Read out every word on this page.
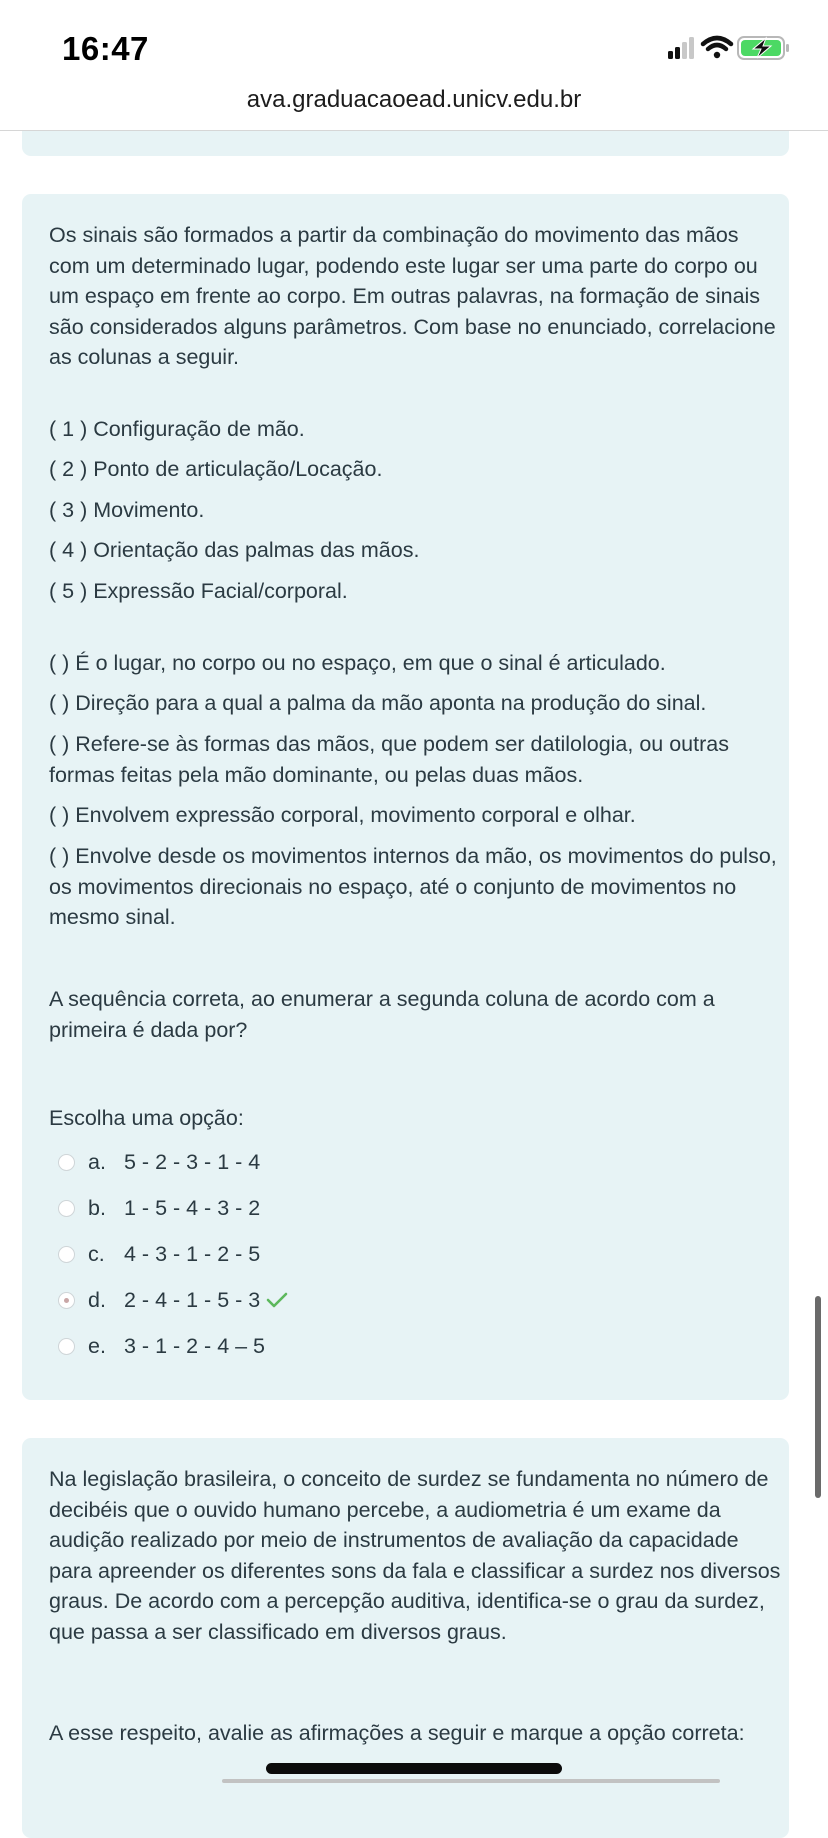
16:47
ava.graduacaoead.unicv.edu.br

Os sinais são formados a partir da combinação do movimento das mãos com um determinado lugar, podendo este lugar ser uma parte do corpo ou um espaço em frente ao corpo. Em outras palavras, na formação de sinais são considerados alguns parâmetros. Com base no enunciado, correlacione as colunas a seguir.

( 1 ) Configuração de mão.
( 2 ) Ponto de articulação/Locação.
( 3 ) Movimento.
( 4 ) Orientação das palmas das mãos.
( 5 ) Expressão Facial/corporal.
( ) É o lugar, no corpo ou no espaço, em que o sinal é articulado.
( ) Direção para a qual a palma da mão aponta na produção do sinal.
( ) Refere-se às formas das mãos, que podem ser datilologia, ou outras formas feitas pela mão dominante, ou pelas duas mãos.
( ) Envolvem expressão corporal, movimento corporal e olhar.
( ) Envolve desde os movimentos internos da mão, os movimentos do pulso, os movimentos direcionais no espaço, até o conjunto de movimentos no mesmo sinal.

A sequência correta, ao enumerar a segunda coluna de acordo com a primeira é dada por?

Escolha uma opção:
a. 5 - 2 - 3 - 1 - 4
b. 1 - 5 - 4 - 3 - 2
c. 4 - 3 - 1 - 2 - 5
d. 2 - 4 - 1 - 5 - 3
e. 3 - 1 - 2 - 4 – 5

Na legislação brasileira, o conceito de surdez se fundamenta no número de decibéis que o ouvido humano percebe, a audiometria é um exame da audição realizado por meio de instrumentos de avaliação da capacidade para apreender os diferentes sons da fala e classificar a surdez nos diversos graus. De acordo com a percepção auditiva, identifica-se o grau da surdez, que passa a ser classificado em diversos graus.

A esse respeito, avalie as afirmações a seguir e marque a opção correta:
